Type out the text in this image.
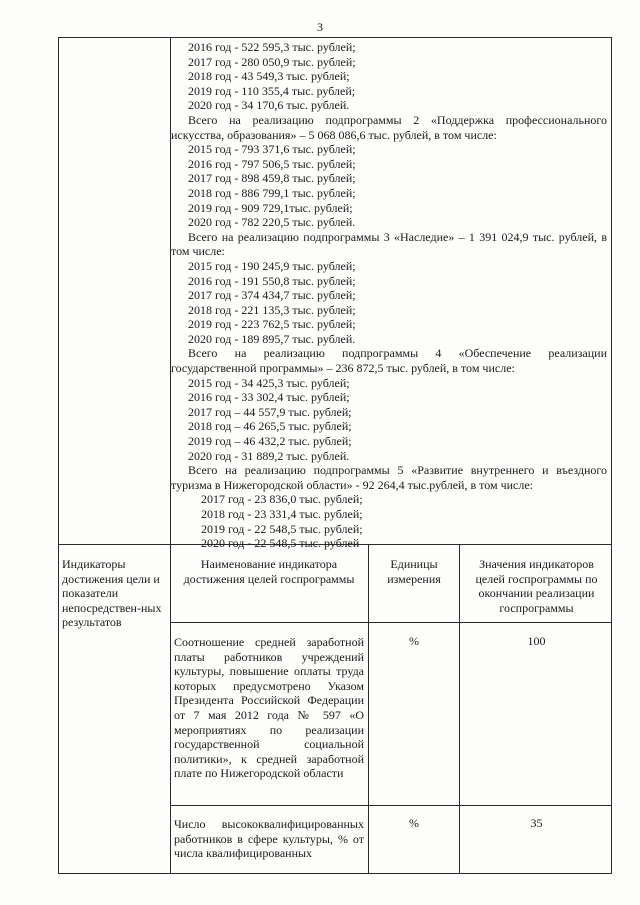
3
2016 год - 522 595,3 тыс. рублей;
2017 год - 280 050,9 тыс. рублей;
2018 год - 43 549,3 тыс. рублей;
2019 год - 110 355,4 тыс. рублей;
2020 год - 34 170,6 тыс. рублей.
Всего на реализацию подпрограммы 2 «Поддержка профессионального искусства, образования» – 5 068 086,6 тыс. рублей, в том числе:
2015 год - 793 371,6 тыс. рублей;
2016 год - 797 506,5 тыс. рублей;
2017 год - 898 459,8 тыс. рублей;
2018 год - 886 799,1 тыс. рублей;
2019 год - 909 729,1тыс. рублей;
2020 год - 782 220,5 тыс. рублей.
Всего на реализацию подпрограммы 3 «Наследие» – 1 391 024,9 тыс. рублей, в том числе:
2015 год - 190 245,9 тыс. рублей;
2016 год - 191 550,8 тыс. рублей;
2017 год - 374 434,7 тыс. рублей;
2018 год - 221 135,3 тыс. рублей;
2019 год - 223 762,5 тыс. рублей;
2020 год - 189 895,7 тыс. рублей.
Всего на реализацию подпрограммы 4 «Обеспечение реализации государственной программы» – 236 872,5 тыс. рублей, в том числе:
2015 год - 34 425,3 тыс. рублей;
2016 год - 33 302,4 тыс. рублей;
2017 год – 44 557,9 тыс. рублей;
2018 год – 46 265,5 тыс. рублей;
2019 год – 46 432,2 тыс. рублей;
2020 год - 31 889,2 тыс. рублей.
Всего на реализацию подпрограммы 5 «Развитие внутреннего и въездного туризма в Нижегородской области» - 92 264,4 тыс.рублей, в том числе:
2017 год - 23 836,0 тыс. рублей;
2018 год - 23 331,4 тыс. рублей;
2019 год - 22 548,5 тыс. рублей;
2020 год - 22 548,5 тыс. рублей
Индикаторы достижения цели и показатели непосредствен-ных результатов
Наименование индикатора достижения целей госпрограммы
Единицы измерения
Значения индикаторов целей госпрограммы по окончании реализации госпрограммы
Соотношение средней заработной платы работников учреждений культуры, повышение оплаты труда которых предусмотрено Указом Президента Российской Федерации от 7 мая 2012 года № 597 «О мероприятиях по реализации государственной социальной политики», к средней заработной плате по Нижегородской области
%	100
Число высококвалифицированных работников в сфере культуры, % от числа квалифицированных
%	35
